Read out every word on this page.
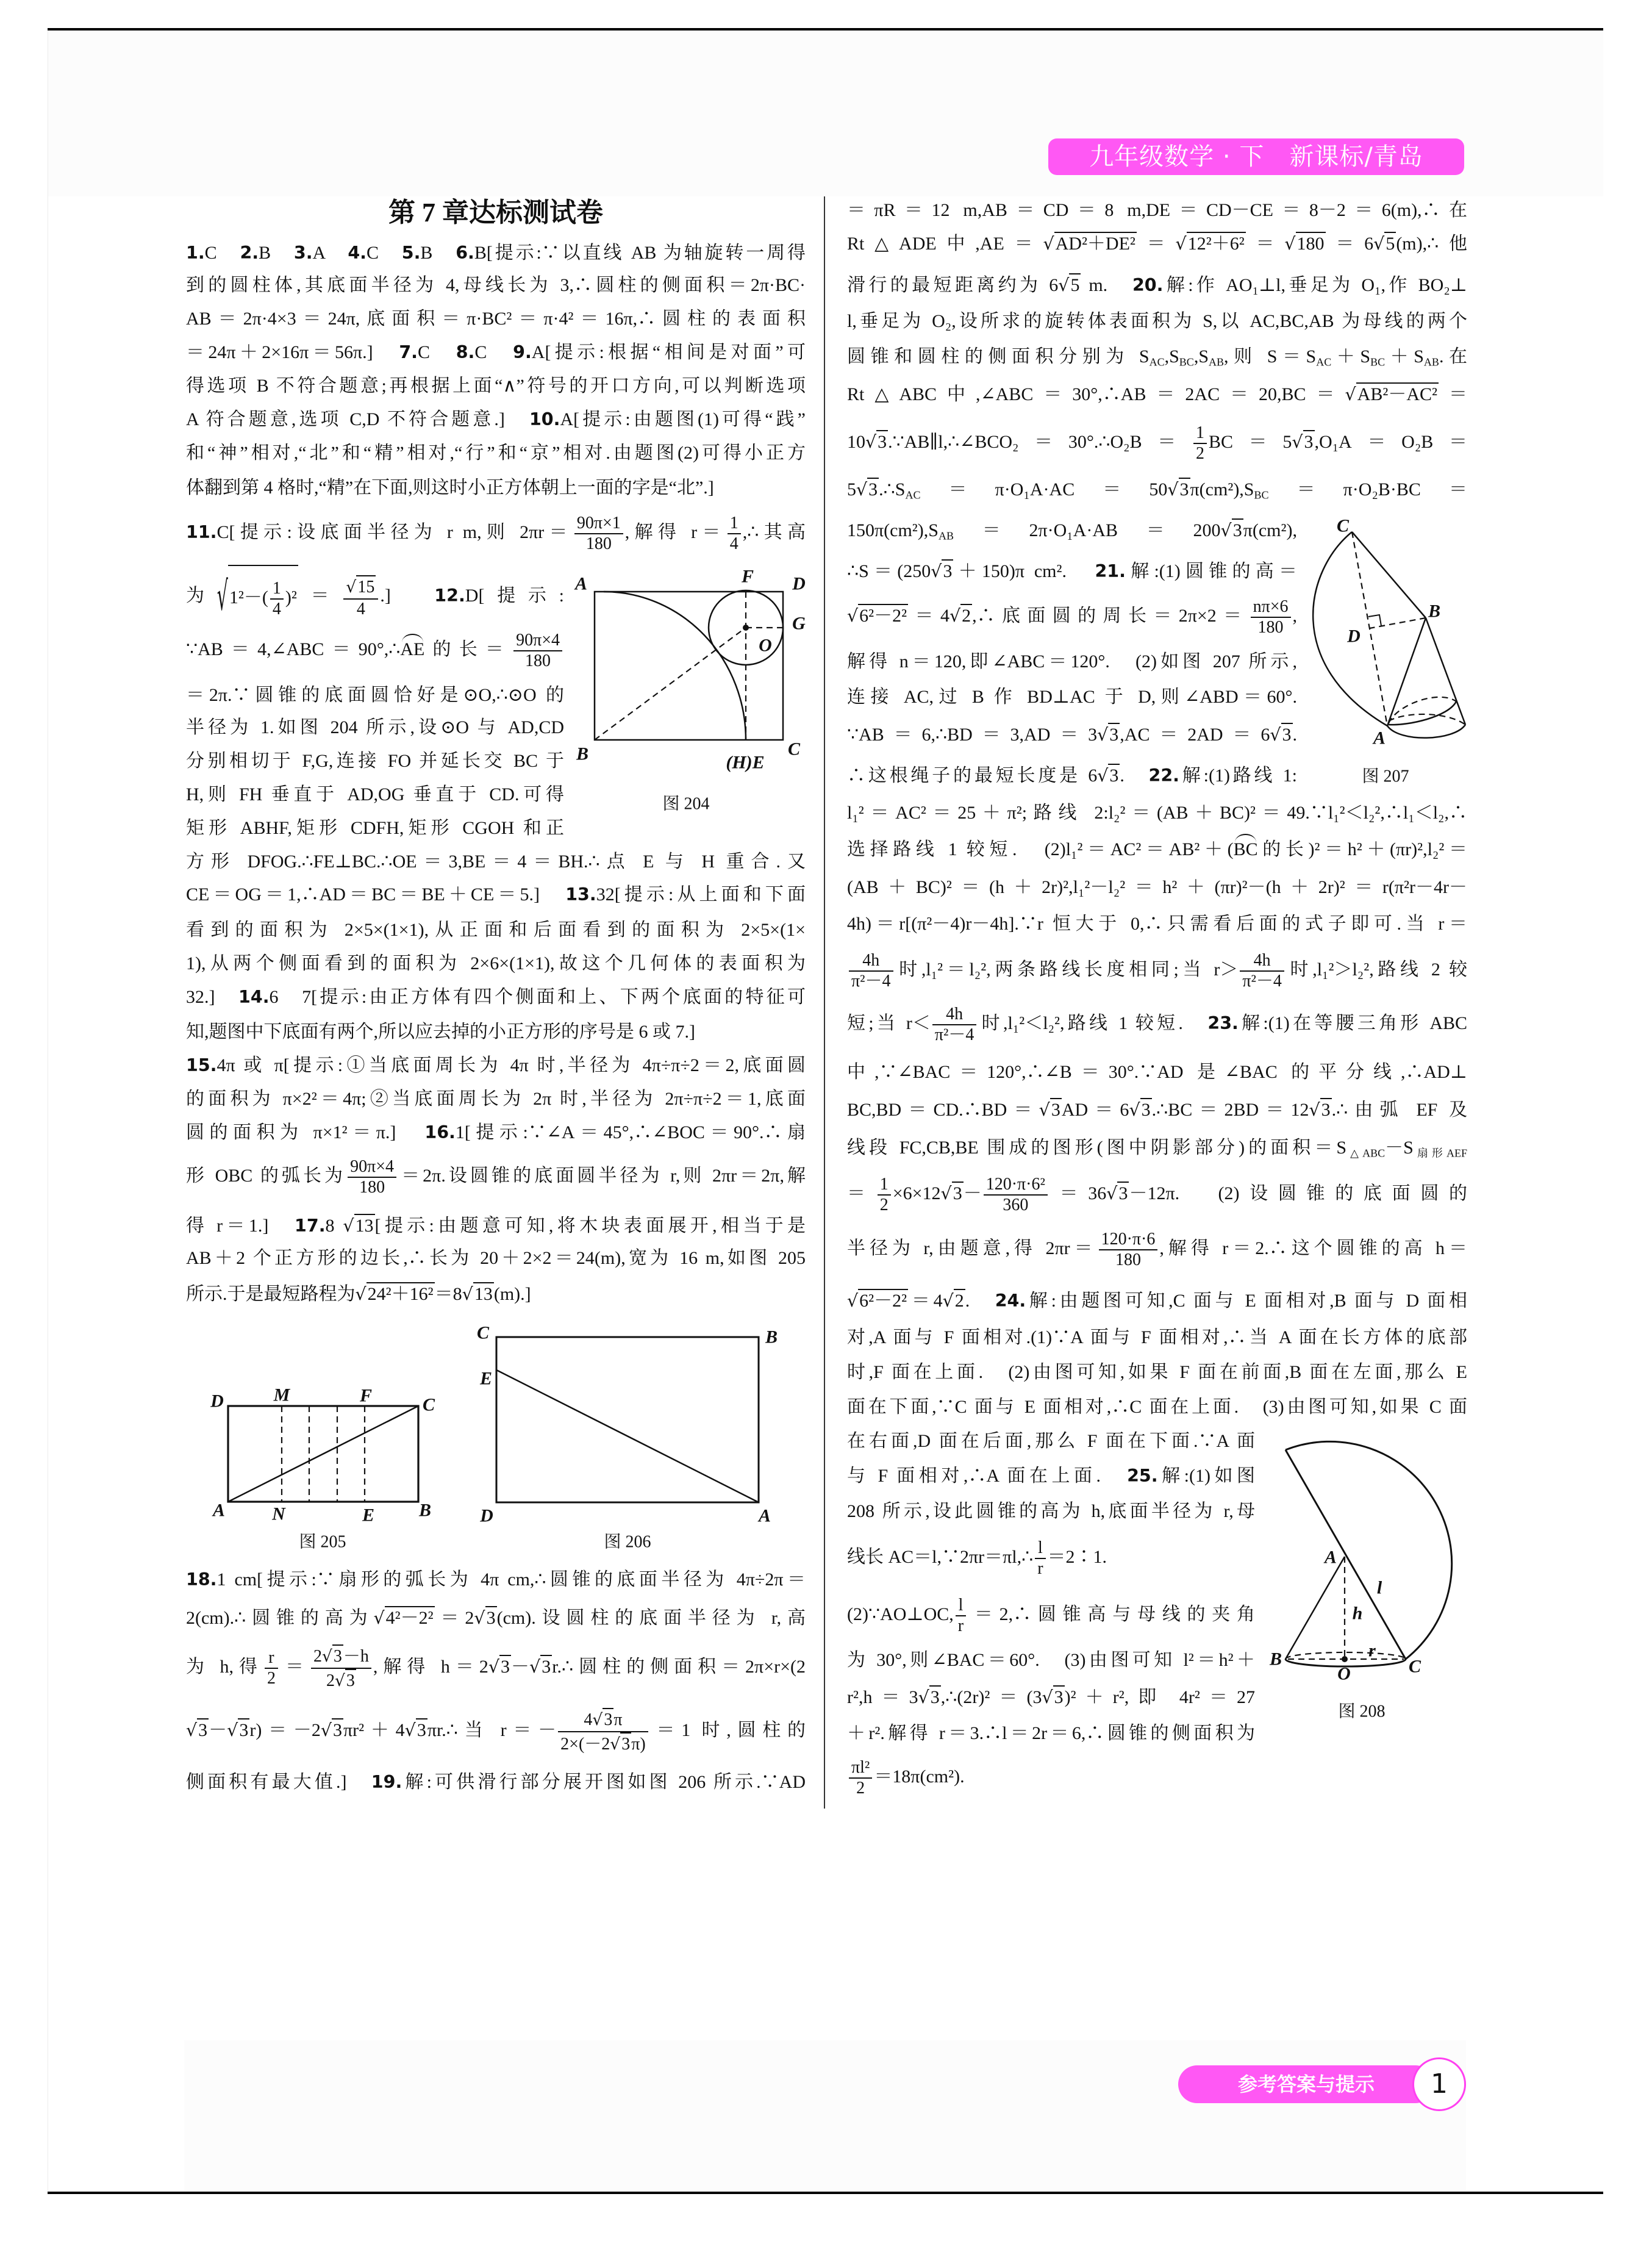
九年级数学 · 下　新课标/青岛
第 7 章达标测试卷
1.C　2.B　3.A　4.C　5.B　6.B[提示:∵以直线 AB 为轴旋转一周得
到的圆柱体,其底面半径为 4,母线长为 3,∴圆柱的侧面积＝2π·BC·
AB＝2π·4×3＝24π,底面积＝π·BC²＝π·4²＝16π,∴圆柱的表面积
＝24π＋2×16π＝56π.]　7.C　8.C　9.A[提示:根据“相间是对面”可
得选项 B 不符合题意;再根据上面“∧”符号的开口方向,可以判断选项
A 符合题意,选项 C,D 不符合题意.]　10.A[提示:由题图(1)可得“践”
和“神”相对,“北”和“精”相对,“行”和“京”相对.由题图(2)可得小正方
体翻到第 4 格时,“精”在下面,则这时小正方体朝上一面的字是“北”.]
11.C[提示:设底面半径为 r m,则 $2\pi r= \frac{90\pi\times 1}{180}$ ,解得 $r= \frac{1}{4}$ ,∴其高
为$√1^2-( \frac{1}{4} )^2= \frac{√15}{4}$ .]　12.D[提示:
∵AB＝4,∠ABC＝90°,∴AE的长＝ $\frac{90\pi\times 4}{180}$
＝2π.∵圆锥的底面圆恰好是⊙O,∴⊙O 的
半径为 1.如图 204 所示,设⊙O 与 AD,CD
分别相切于 F,G,连接 FO 并延长交 BC 于
H,则 FH 垂直于 AD,OG 垂直于 CD.可得
矩形 ABHF,矩形 CDFH,矩形 CGOH 和正
方形 DFOG.∴FE⊥BC.∴OE＝3,BE＝4＝BH.∴点 E 与 H 重合.又
CE＝OG＝1,∴AD＝BC＝BE＋CE＝5.]　13.32[提示:从上面和下面
看到的面积为 2×5×(1×1),从正面和后面看到的面积为 2×5×(1×
1),从两个侧面看到的面积为 2×6×(1×1),故这个几何体的表面积为
32.]　14.6　7[提示:由正方体有四个侧面和上、下两个底面的特征可
知,题图中下底面有两个,所以应去掉的小正方形的序号是 6 或 7.]
15.4π 或 π[提示:①当底面周长为 4π 时,半径为 4π÷π÷2＝2,底面圆
的面积为 π×2²＝4π;②当底面周长为 2π 时,半径为 2π÷π÷2＝1,底面
圆的面积为 π×1²＝π.]　16.1[提示:∵∠A＝45°,∴∠BOC＝90°.∴扇
形 OBC 的弧长为 $\frac{90\pi\times 4}{180} =2\pi$.设圆锥的底面圆半径为 r,则 2πr＝2π,解
得 r＝1.]　17.8 √13[提示:由题意可知,将木块表面展开,相当于是
AB＋2 个正方形的边长,∴长为 20＋2×2＝24(m),宽为 16 m,如图 205
所示.于是最短路程为√24²＋16²＝8√13(m).]
18.1 cm[提示:∵扇形的弧长为 4π cm,∴圆锥的底面半径为 4π÷2π＝
2(cm).∴圆锥的高为√4²－2²＝2√3(cm).设圆柱的底面半径为 r,高
为 h,得 $\frac{r}{2} = \frac{2√3-h}{2√3}$ ,解得 h＝2√3－√3r.∴圆柱的侧面积＝2π×r×(2
√3－√3r)＝－2√3πr²＋4√3πr.∴当 $r=- \frac{4√3\pi}{2\times(-2√3\pi)} =1$ 时,圆柱的
侧面积有最大值.]　19.解:可供滑行部分展开图如图 206 所示.∵AD
＝πR＝12 m,AB＝CD＝8 m,DE＝CD－CE＝8－2＝6(m),∴在
Rt△ADE中,AE＝√AD²＋DE²＝√12²＋6²＝√180＝6√5(m),∴他
滑行的最短距离约为 6√5 m.　20.解:作 AO₁⊥l,垂足为 O₁,作 BO₂⊥
l,垂足为 O₂,设所求的旋转体表面积为 S,以 AC,BC,AB 为母线的两个
圆锥和圆柱的侧面积分别为 $S_{AC},S_{BC},S_{AB}$,则 $S=S_{AC}+S_{BC}+S_{AB}$.在
Rt△ABC中,∠ABC＝30°,∴AB＝2AC＝20,BC＝√AB²－AC²＝
10√3.∵AB∥l,∴∠BCO₂＝30°.∴O₂B＝ $\frac{1}{2} BC=5√3,O_1A=O_2B=$
$5√3.\therefore S_{AC}=\pi\cdot O_1A\cdot AC=50√3\pi(cm^2),S_{BC}=\pi\cdot O_2B\cdot BC=$
$150\pi(cm^2),S_{AB}=2\pi\cdot O_1A\cdot AB=200√3\pi(cm^2)$,
∴S＝(250√3＋150)π cm².　21.解:(1)圆锥的高＝
√6²－2²＝4√2,∴底面圆的周长$=2\pi\times 2= \frac{n\pi\times 6}{180}$ ,
解得 n＝120,即∠ABC＝120°.　(2)如图 207 所示,
连接 AC,过 B 作 BD⊥AC 于 D,则∠ABD＝60°.
∵AB＝6,∴BD＝3,AD＝3√3,AC＝2AD＝6√3.
∴这根绳子的最短长度是 6√3.　22.解:(1)路线 1:
l₁²＝AC²＝25＋π²;路线 2:l₂²＝(AB＋BC)²＝49.∵l₁²＜l₂²,∴l₁＜l₂,∴
选择路线 1 较短.　(2)l₁²＝AC²＝AB²＋(BC的长)²＝h²＋(πr)²,l₂²＝
(AB＋BC)²＝(h＋2r)²,l₁²－l₂²＝h²＋(πr)²－(h＋2r)²＝r(π²r－4r－
4h)＝r[(π²－4)r－4h].∵r 恒大于 0,∴只需看后面的式子即可.当 r＝
$\frac{4h}{\text{π²－4}}$ 时,l₁²＝l₂²,两条路线长度相同;当 $r> \frac{4h}{\text{π²－4}}$ 时,l₁²＞l₂²,路线 2 较
短;当 $r< \frac{4h}{\text{π²－4}}$ 时,l₁²＜l₂²,路线 1 较短.　23.解:(1)在等腰三角形 ABC
中,∵∠BAC＝120°,∴∠B＝30°.∵AD 是∠BAC 的平分线,∴AD⊥
BC,BD＝CD.∴BD＝√3AD＝6√3.∴BC＝2BD＝12√3.∴由弧 EF 及
线段 FC,CB,BE 围成的图形(图中阴影部分)的面积$=S_{\triangle ABC}-S_{扇形AEF}$
＝ $\frac{1}{2} \times 6\times 12√3- \frac{\text{120·π·6²}}{360} =36√3-12\pi$.　(2)设圆锥的底面圆的
半径为 r,由题意,得 $2\pi r= \frac{120\cdot\pi\cdot 6}{180}$ ,解得 r＝2.∴这个圆锥的高 h＝
√6²－2²＝4√2.　24.解:由题图可知,C 面与 E 面相对,B 面与 D 面相
对,A 面与 F 面相对.(1)∵A 面与 F 面相对,∴当 A 面在长方体的底部
时,F 面在上面.　(2)由图可知,如果 F 面在前面,B 面在左面,那么 E
面在下面,∵C 面与 E 面相对,∴C 面在上面.　(3)由图可知,如果 C 面
在右面,D 面在后面,那么 F 面在下面.∵A 面
与 F 面相对,∴A 面在上面.　25.解:(1)如图
208 所示,设此圆锥的高为 h,底面半径为 r,母
线长 AC＝l,∵2πr＝πl,∴ $\frac{l}{r}$ ＝2∶1.
(2)∵AO⊥OC, $\frac{l}{r}$ ＝2,∴圆锥高与母线的夹角
为 30°,则∠BAC＝60°.　(3)由图可知 l²＝h²＋
r²,h＝3√3,∴(2r)²＝(3√3)²＋r²,即 4r²＝27
＋r².解得 r＝3.∴l＝2r＝6,∴圆锥的侧面积为
$\frac{\text{πl²}}{2} =18\pi(cm^2)$.
A	F D
G
O
B	(H)E
C
图 204
D	M	F	C
A	N	E B
图 205
C	B
E
D	A
图 206
C
B
D
A
图 207
A
l
h
r
B
O	C
图 208
参考答案与提示	1
